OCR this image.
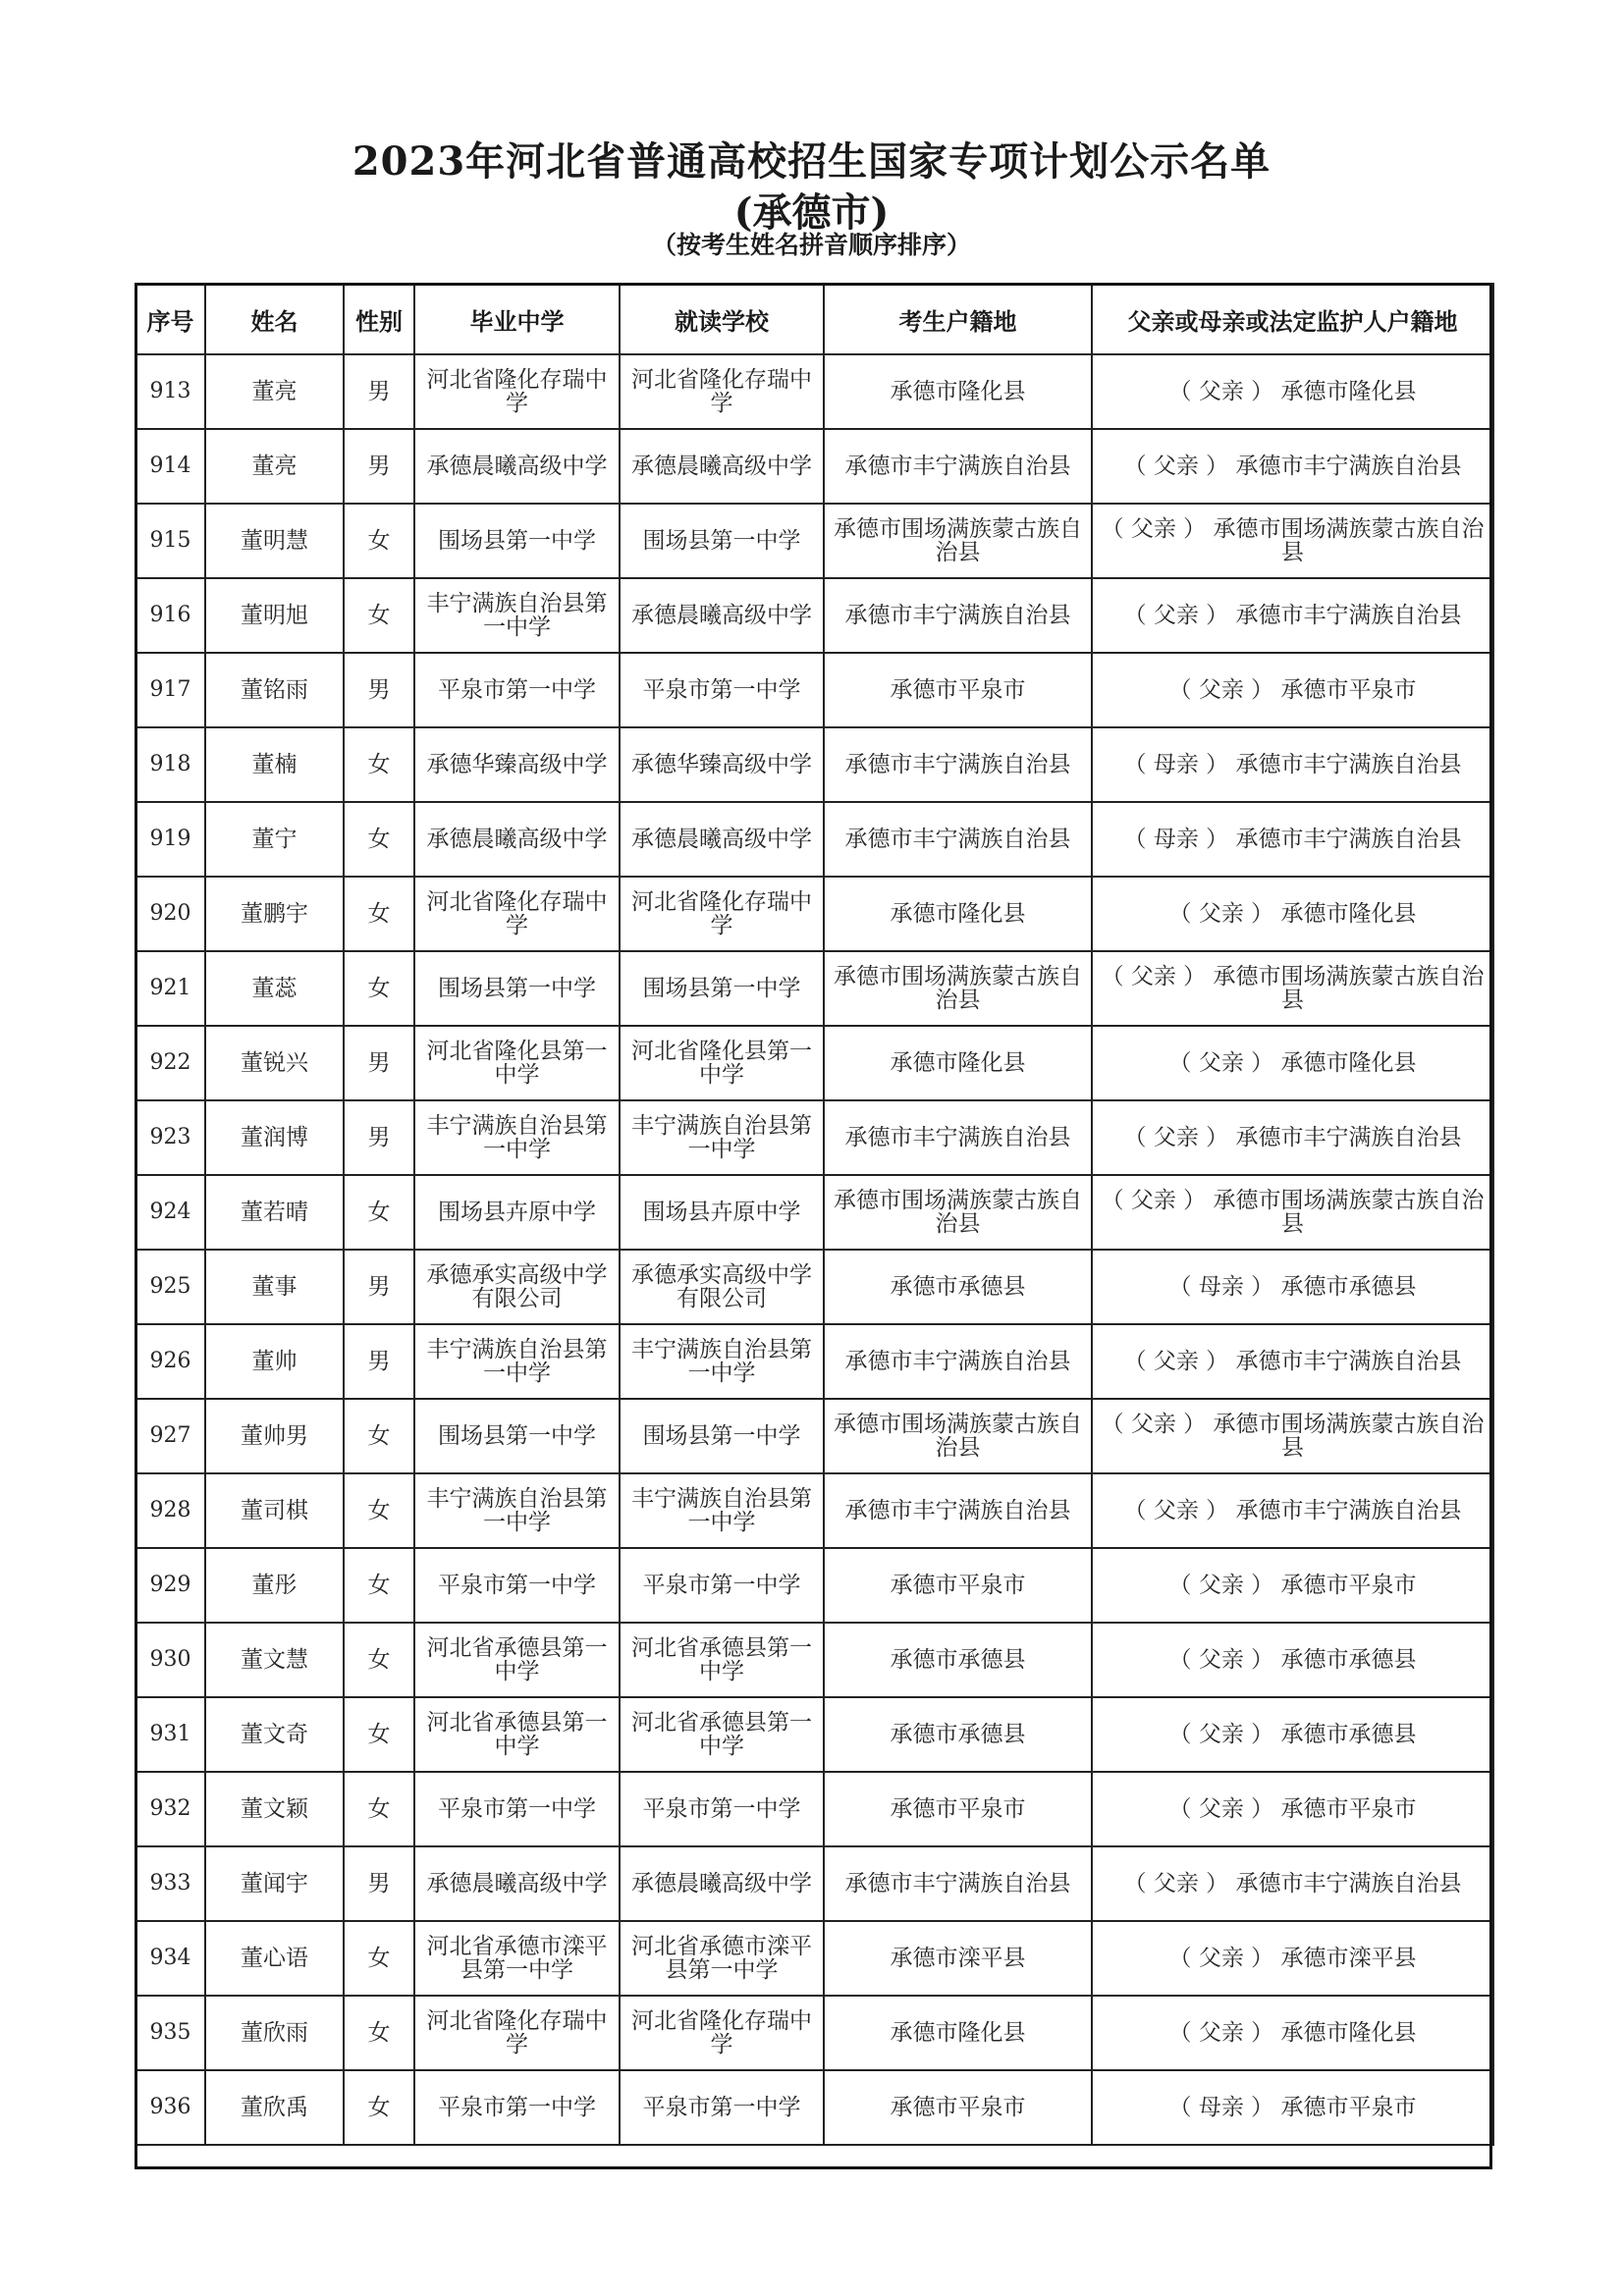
2023年河北省普通高校招生国家专项计划公示名单
(承德市)
（按考生姓名拼音顺序排序）
序号	姓名	性别	毕业中学	就读学校	考生户籍地	父亲或母亲或法定监护人户籍地
913	董亮	男	河北省隆化存瑞中学	河北省隆化存瑞中学	承德市隆化县	（ 父亲 ） 承德市隆化县
914	董亮	男	承德晨曦高级中学	承德晨曦高级中学	承德市丰宁满族自治县	（ 父亲 ） 承德市丰宁满族自治县
915	董明慧	女	围场县第一中学	围场县第一中学	承德市围场满族蒙古族自治县	（ 父亲 ） 承德市围场满族蒙古族自治县
916	董明旭	女	丰宁满族自治县第一中学	承德晨曦高级中学	承德市丰宁满族自治县	（ 父亲 ） 承德市丰宁满族自治县
917	董铭雨	男	平泉市第一中学	平泉市第一中学	承德市平泉市	（ 父亲 ） 承德市平泉市
918	董楠	女	承德华臻高级中学	承德华臻高级中学	承德市丰宁满族自治县	（ 母亲 ） 承德市丰宁满族自治县
919	董宁	女	承德晨曦高级中学	承德晨曦高级中学	承德市丰宁满族自治县	（ 母亲 ） 承德市丰宁满族自治县
920	董鹏宇	女	河北省隆化存瑞中学	河北省隆化存瑞中学	承德市隆化县	（ 父亲 ） 承德市隆化县
921	董蕊	女	围场县第一中学	围场县第一中学	承德市围场满族蒙古族自治县	（ 父亲 ） 承德市围场满族蒙古族自治县
922	董锐兴	男	河北省隆化县第一中学	河北省隆化县第一中学	承德市隆化县	（ 父亲 ） 承德市隆化县
923	董润博	男	丰宁满族自治县第一中学	丰宁满族自治县第一中学	承德市丰宁满族自治县	（ 父亲 ） 承德市丰宁满族自治县
924	董若晴	女	围场县卉原中学	围场县卉原中学	承德市围场满族蒙古族自治县	（ 父亲 ） 承德市围场满族蒙古族自治县
925	董事	男	承德承实高级中学有限公司	承德承实高级中学有限公司	承德市承德县	（ 母亲 ） 承德市承德县
926	董帅	男	丰宁满族自治县第一中学	丰宁满族自治县第一中学	承德市丰宁满族自治县	（ 父亲 ） 承德市丰宁满族自治县
927	董帅男	女	围场县第一中学	围场县第一中学	承德市围场满族蒙古族自治县	（ 父亲 ） 承德市围场满族蒙古族自治县
928	董司棋	女	丰宁满族自治县第一中学	丰宁满族自治县第一中学	承德市丰宁满族自治县	（ 父亲 ） 承德市丰宁满族自治县
929	董彤	女	平泉市第一中学	平泉市第一中学	承德市平泉市	（ 父亲 ） 承德市平泉市
930	董文慧	女	河北省承德县第一中学	河北省承德县第一中学	承德市承德县	（ 父亲 ） 承德市承德县
931	董文奇	女	河北省承德县第一中学	河北省承德县第一中学	承德市承德县	（ 父亲 ） 承德市承德县
932	董文颖	女	平泉市第一中学	平泉市第一中学	承德市平泉市	（ 父亲 ） 承德市平泉市
933	董闻宇	男	承德晨曦高级中学	承德晨曦高级中学	承德市丰宁满族自治县	（ 父亲 ） 承德市丰宁满族自治县
934	董心语	女	河北省承德市滦平县第一中学	河北省承德市滦平县第一中学	承德市滦平县	（ 父亲 ） 承德市滦平县
935	董欣雨	女	河北省隆化存瑞中学	河北省隆化存瑞中学	承德市隆化县	（ 父亲 ） 承德市隆化县
936	董欣禹	女	平泉市第一中学	平泉市第一中学	承德市平泉市	（ 母亲 ） 承德市平泉市
